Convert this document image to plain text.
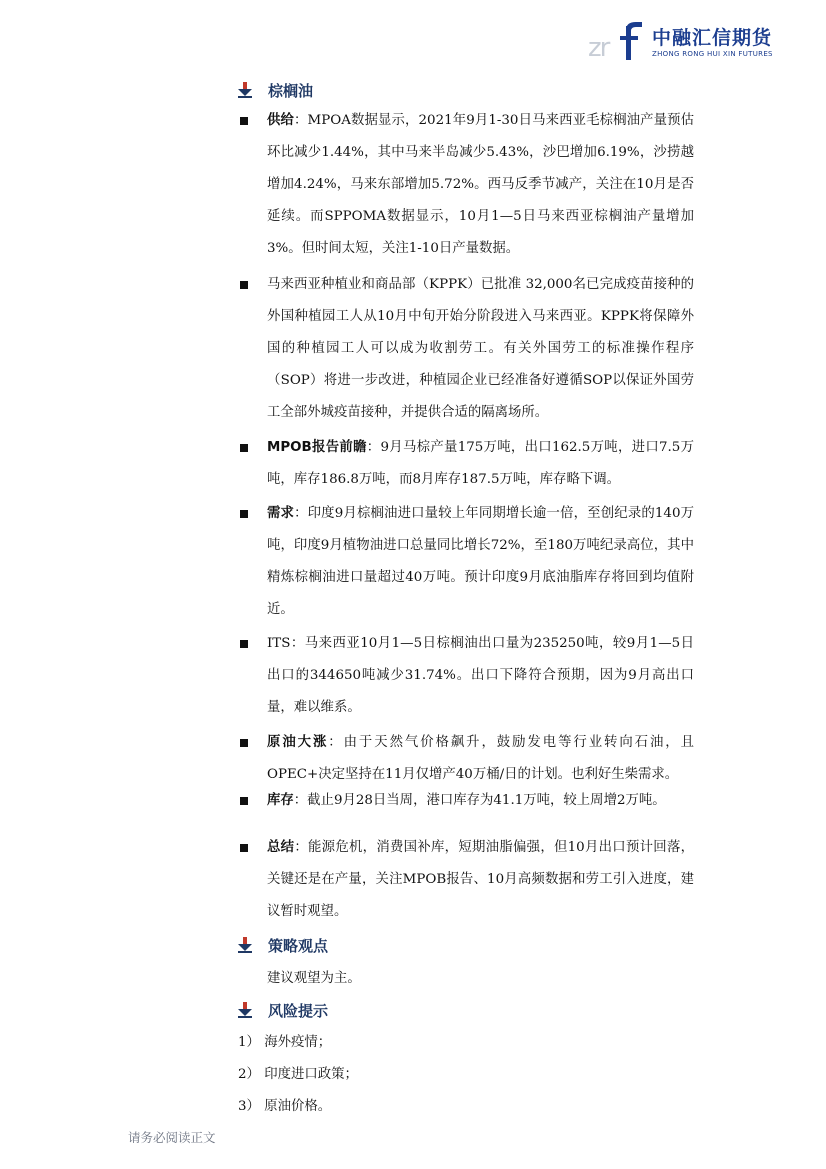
zr 中融汇信期货
ZHONG RONG HUI XIN FUTURES
棕榈油
供给：MPOA数据显示，2021年9月1-30日马来西亚毛棕榈油产量预估环比减少1.44%，其中马来半岛减少5.43%，沙巴增加6.19%，沙捞越增加4.24%，马来东部增加5.72%。西马反季节减产，关注在10月是否延续。而SPPOMA数据显示，10月1—5日马来西亚棕榈油产量增加3%。但时间太短，关注1-10日产量数据。
马来西亚种植业和商品部（KPPK）已批准 32,000名已完成疫苗接种的外国种植园工人从10月中旬开始分阶段进入马来西亚。KPPK将保障外国的种植园工人可以成为收割劳工。有关外国劳工的标准操作程序（SOP）将进一步改进，种植园企业已经准备好遵循SOP以保证外国劳工全部外城疫苗接种，并提供合适的隔离场所。
MPOB报告前瞻：9月马棕产量175万吨，出口162.5万吨，进口7.5万吨，库存186.8万吨，而8月库存187.5万吨，库存略下调。
需求：印度9月棕榈油进口量较上年同期增长逾一倍，至创纪录的140万吨，印度9月植物油进口总量同比增长72%，至180万吨纪录高位，其中精炼棕榈油进口量超过40万吨。预计印度9月底油脂库存将回到均值附近。
ITS：马来西亚10月1—5日棕榈油出口量为235250吨，较9月1—5日出口的344650吨减少31.74%。出口下降符合预期，因为9月高出口量，难以维系。
原油大涨：由于天然气价格飙升，鼓励发电等行业转向石油，且OPEC+决定坚持在11月仅增产40万桶/日的计划。也利好生柴需求。
库存：截止9月28日当周，港口库存为41.1万吨，较上周增2万吨。
总结：能源危机，消费国补库，短期油脂偏强，但10月出口预计回落，关键还是在产量，关注MPOB报告、10月高频数据和劳工引入进度，建议暂时观望。
策略观点
建议观望为主。
风险提示
1） 海外疫情；
2） 印度进口政策；
3） 原油价格。
请务必阅读正文
